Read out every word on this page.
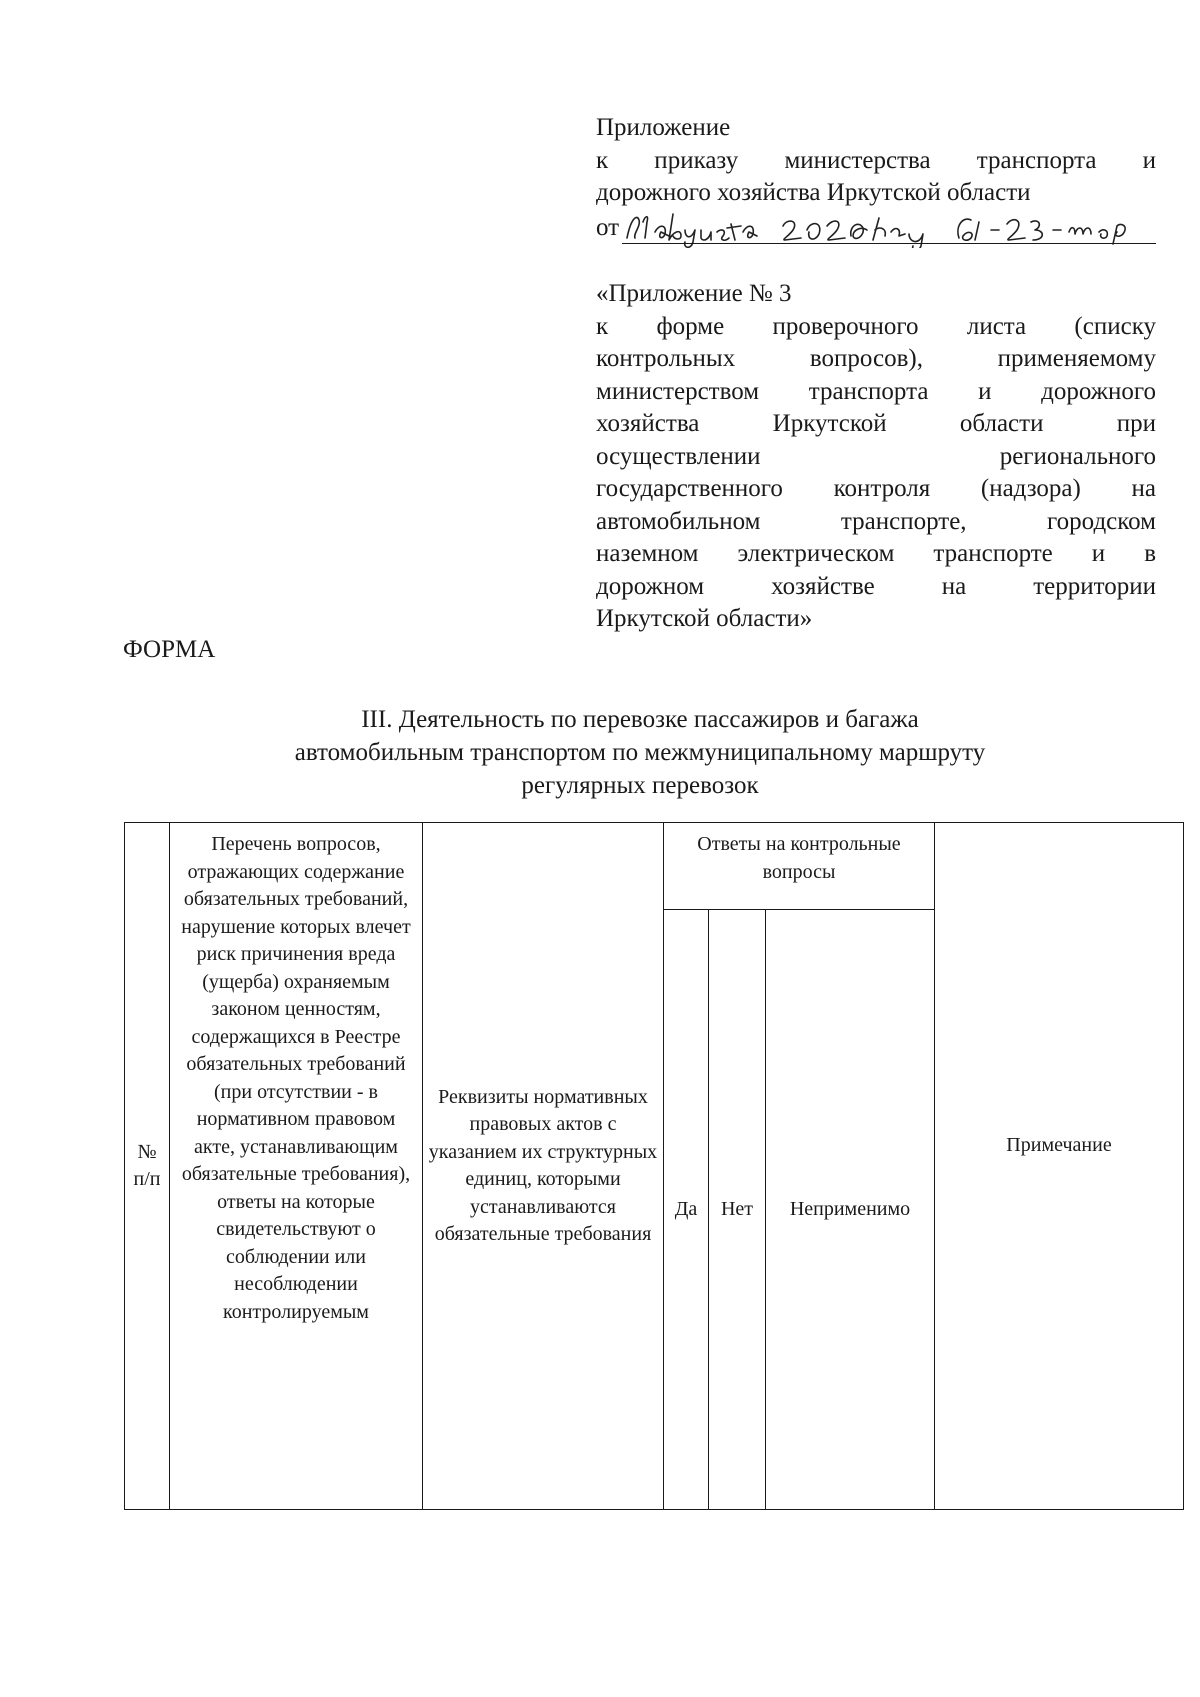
Приложение
к приказу министерства транспорта и
дорожного хозяйства Иркутской области
от
«Приложение № 3
к форме проверочного листа (списку
контрольных вопросов), применяемому
министерством транспорта и дорожного
хозяйства Иркутской области при
осуществлении регионального
государственного контроля (надзора) на
автомобильном транспорте, городском
наземном электрическом транспорте и в
дорожном хозяйстве на территории
Иркутской области»
ФОРМА
III. Деятельность по перевозке пассажиров и багажа
автомобильным транспортом по межмуниципальному маршруту
регулярных перевозок
№ п/п	Перечень вопросов, отражающих содержание обязательных требований, нарушение которых влечет риск причинения вреда (ущерба) охраняемым законом ценностям, содержащихся в Реестре обязательных требований (при отсутствии - в нормативном правовом акте, устанавливающим обязательные требования), ответы на которые свидетельствуют о соблюдении или несоблюдении контролируемым	Реквизиты нормативных правовых актов с указанием их структурных единиц, которыми устанавливаются обязательные требования	Ответы на контрольные вопросы			Примечание
			Да	Нет	Неприменимо	
